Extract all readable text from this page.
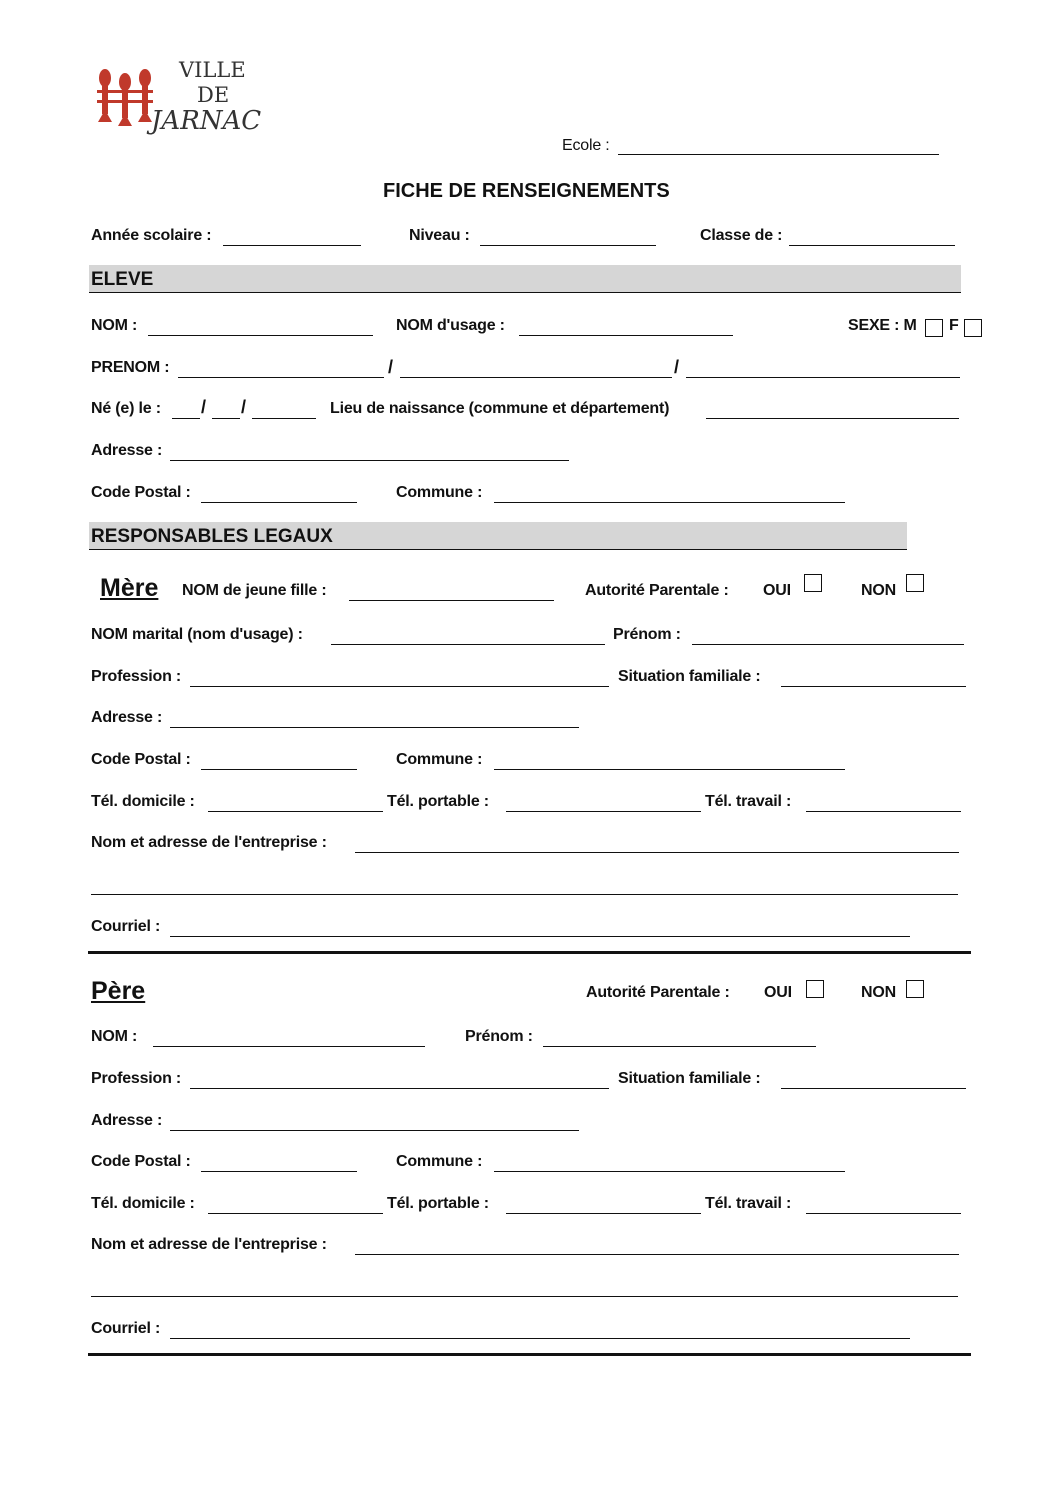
VILLE
DE
JARNAC
Ecole :
FICHE DE RENSEIGNEMENTS
Année scolaire :	Niveau :	Classe de :
ELEVE
NOM :	NOM d'usage :	SEXE : M F
PRENOM :	/	/
Né (e) le : / /	Lieu de naissance (commune et département)
Adresse :
Code Postal :	Commune :
RESPONSABLES LEGAUX
Mère NOM de jeune fille :	Autorité Parentale : OUI	NON
NOM marital (nom d'usage) :	Prénom :
Profession :	Situation familiale :
Adresse :
Code Postal :	Commune :
Tél. domicile :	Tél. portable :	Tél. travail :
Nom et adresse de l'entreprise :
Courriel :
Père	Autorité Parentale : OUI	NON
NOM :	Prénom :
Profession :	Situation familiale :
Adresse :
Code Postal :	Commune :
Tél. domicile :	Tél. portable :	Tél. travail :
Nom et adresse de l'entreprise :
Courriel :
